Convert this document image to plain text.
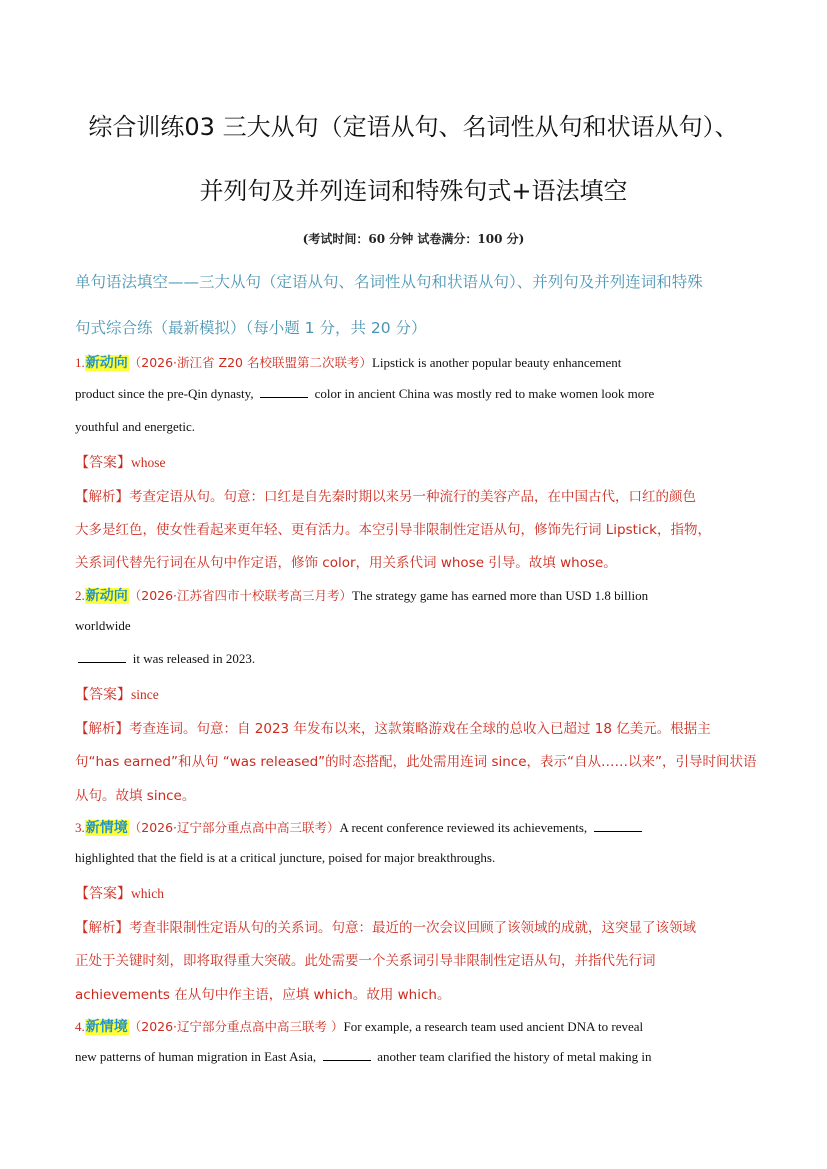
综合训练03 三大从句（定语从句、名词性从句和状语从句）、
并列句及并列连词和特殊句式+语法填空
(考试时间：60 分钟 试卷满分：100 分)
单句语法填空——三大从句（定语从句、名词性从句和状语从句）、并列句及并列连词和特殊
句式综合练（最新模拟）（每小题 1 分，共 20 分）
1.新动向（2026·浙江省 Z20 名校联盟第二次联考）Lipstick is another popular beauty enhancement
product since the pre-Qin dynasty,	color in ancient China was mostly red to make women look more
youthful and energetic.
【答案】whose
【解析】考查定语从句。句意：口红是自先秦时期以来另一种流行的美容产品，在中国古代，口红的颜色
大多是红色，使女性看起来更年轻、更有活力。本空引导非限制性定语从句，修饰先行词 Lipstick，指物，
关系词代替先行词在从句中作定语，修饰 color，用关系代词 whose 引导。故填 whose。
2.新动向（2026·江苏省四市十校联考高三月考）The strategy game has earned more than USD 1.8 billion
worldwide
it was released in 2023.
【答案】since
【解析】考查连词。句意：自 2023 年发布以来，这款策略游戏在全球的总收入已超过 18 亿美元。根据主
句“has earned”和从句 “was released”的时态搭配，此处需用连词 since，表示“自从……以来”，引导时间状语
从句。故填 since。
3.新情境（2026·辽宁部分重点高中高三联考）A recent conference reviewed its achievements,
highlighted that the field is at a critical juncture, poised for major breakthroughs.
【答案】which
【解析】考查非限制性定语从句的关系词。句意：最近的一次会议回顾了该领域的成就，这突显了该领域
正处于关键时刻，即将取得重大突破。此处需要一个关系词引导非限制性定语从句，并指代先行词
achievements 在从句中作主语，应填 which。故用 which。
4.新情境（2026·辽宁部分重点高中高三联考 ）For example, a research team used ancient DNA to reveal
new patterns of human migration in East Asia,	another team clarified the history of metal making in
